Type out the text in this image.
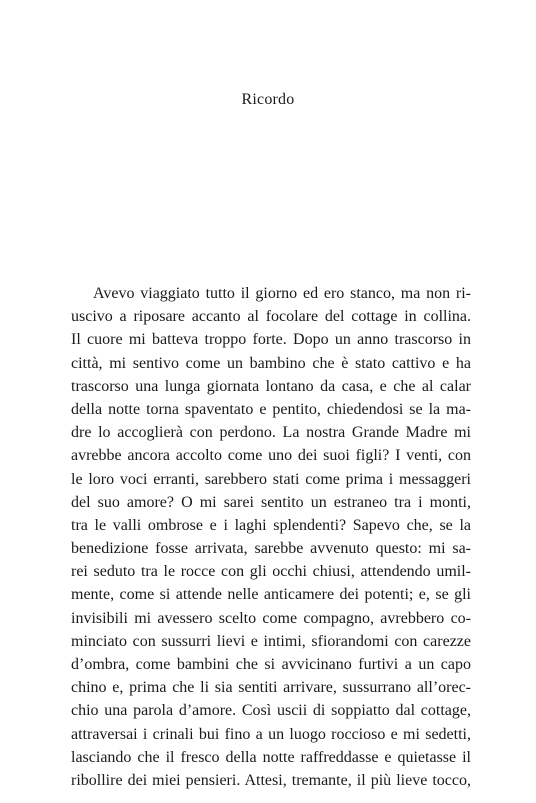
Ricordo
Avevo viaggiato tutto il giorno ed ero stanco, ma non ri-
uscivo a riposare accanto al focolare del cottage in collina.
Il cuore mi batteva troppo forte. Dopo un anno trascorso in
città, mi sentivo come un bambino che è stato cattivo e ha
trascorso una lunga giornata lontano da casa, e che al calar
della notte torna spaventato e pentito, chiedendosi se la ma-
dre lo accoglierà con perdono. La nostra Grande Madre mi
avrebbe ancora accolto come uno dei suoi figli? I venti, con
le loro voci erranti, sarebbero stati come prima i messaggeri
del suo amore? O mi sarei sentito un estraneo tra i monti,
tra le valli ombrose e i laghi splendenti? Sapevo che, se la
benedizione fosse arrivata, sarebbe avvenuto questo: mi sa-
rei seduto tra le rocce con gli occhi chiusi, attendendo umil-
mente, come si attende nelle anticamere dei potenti; e, se gli
invisibili mi avessero scelto come compagno, avrebbero co-
minciato con sussurri lievi e intimi, sfiorandomi con carezze
d’ombra, come bambini che si avvicinano furtivi a un capo
chino e, prima che li sia sentiti arrivare, sussurrano all’orec-
chio una parola d’amore. Così uscii di soppiatto dal cottage,
attraversai i crinali bui fino a un luogo roccioso e mi sedetti,
lasciando che il fresco della notte raffreddasse e quietasse il
ribollire dei miei pensieri. Attesi, tremante, il più lieve tocco,
